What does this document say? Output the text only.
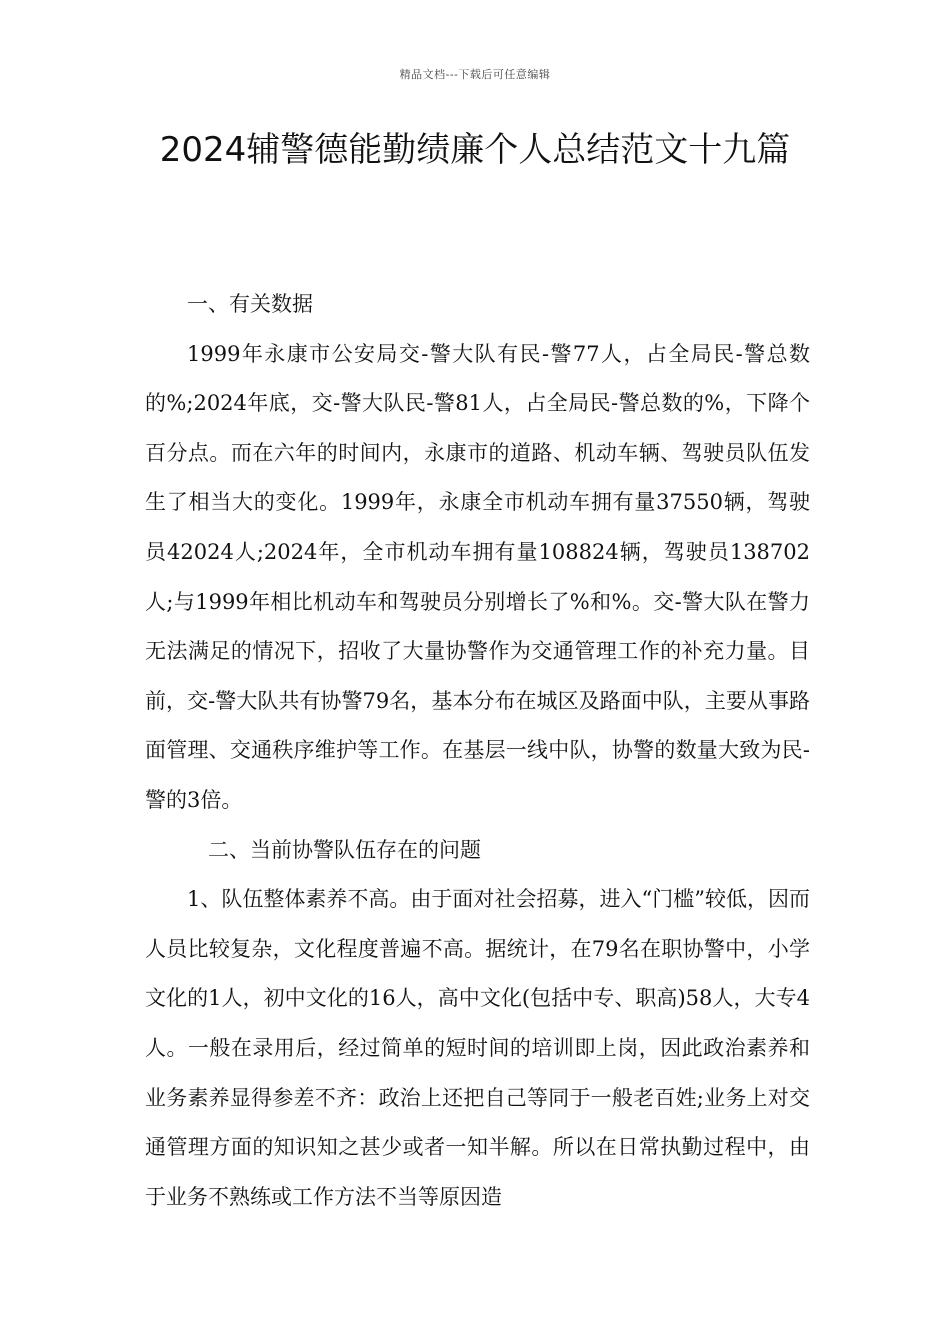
精品文档---下载后可任意编辑
2024辅警德能勤绩廉个人总结范文十九篇

一、有关数据

1999年永康市公安局交-警大队有民-警77人，占全局民-警总数的%;2024年底，交-警大队民-警81人，占全局民-警总数的%，下降个百分点。而在六年的时间内，永康市的道路、机动车辆、驾驶员队伍发生了相当大的变化。1999年，永康全市机动车拥有量37550辆，驾驶员42024人;2024年，全市机动车拥有量108824辆，驾驶员138702人;与1999年相比机动车和驾驶员分别增长了%和%。交-警大队在警力无法满足的情况下，招收了大量协警作为交通管理工作的补充力量。目前，交-警大队共有协警79名，基本分布在城区及路面中队，主要从事路面管理、交通秩序维护等工作。在基层一线中队，协警的数量大致为民-警的3倍。

二、当前协警队伍存在的问题

1、队伍整体素养不高。由于面对社会招募，进入“门槛”较低，因而人员比较复杂，文化程度普遍不高。据统计，在79名在职协警中，小学文化的1人，初中文化的16人，高中文化(包括中专、职高)58人，大专4人。一般在录用后，经过简单的短时间的培训即上岗，因此政治素养和业务素养显得参差不齐：政治上还把自己等同于一般老百姓;业务上对交通管理方面的知识知之甚少或者一知半解。所以在日常执勤过程中，由于业务不熟练或工作方法不当等原因造
